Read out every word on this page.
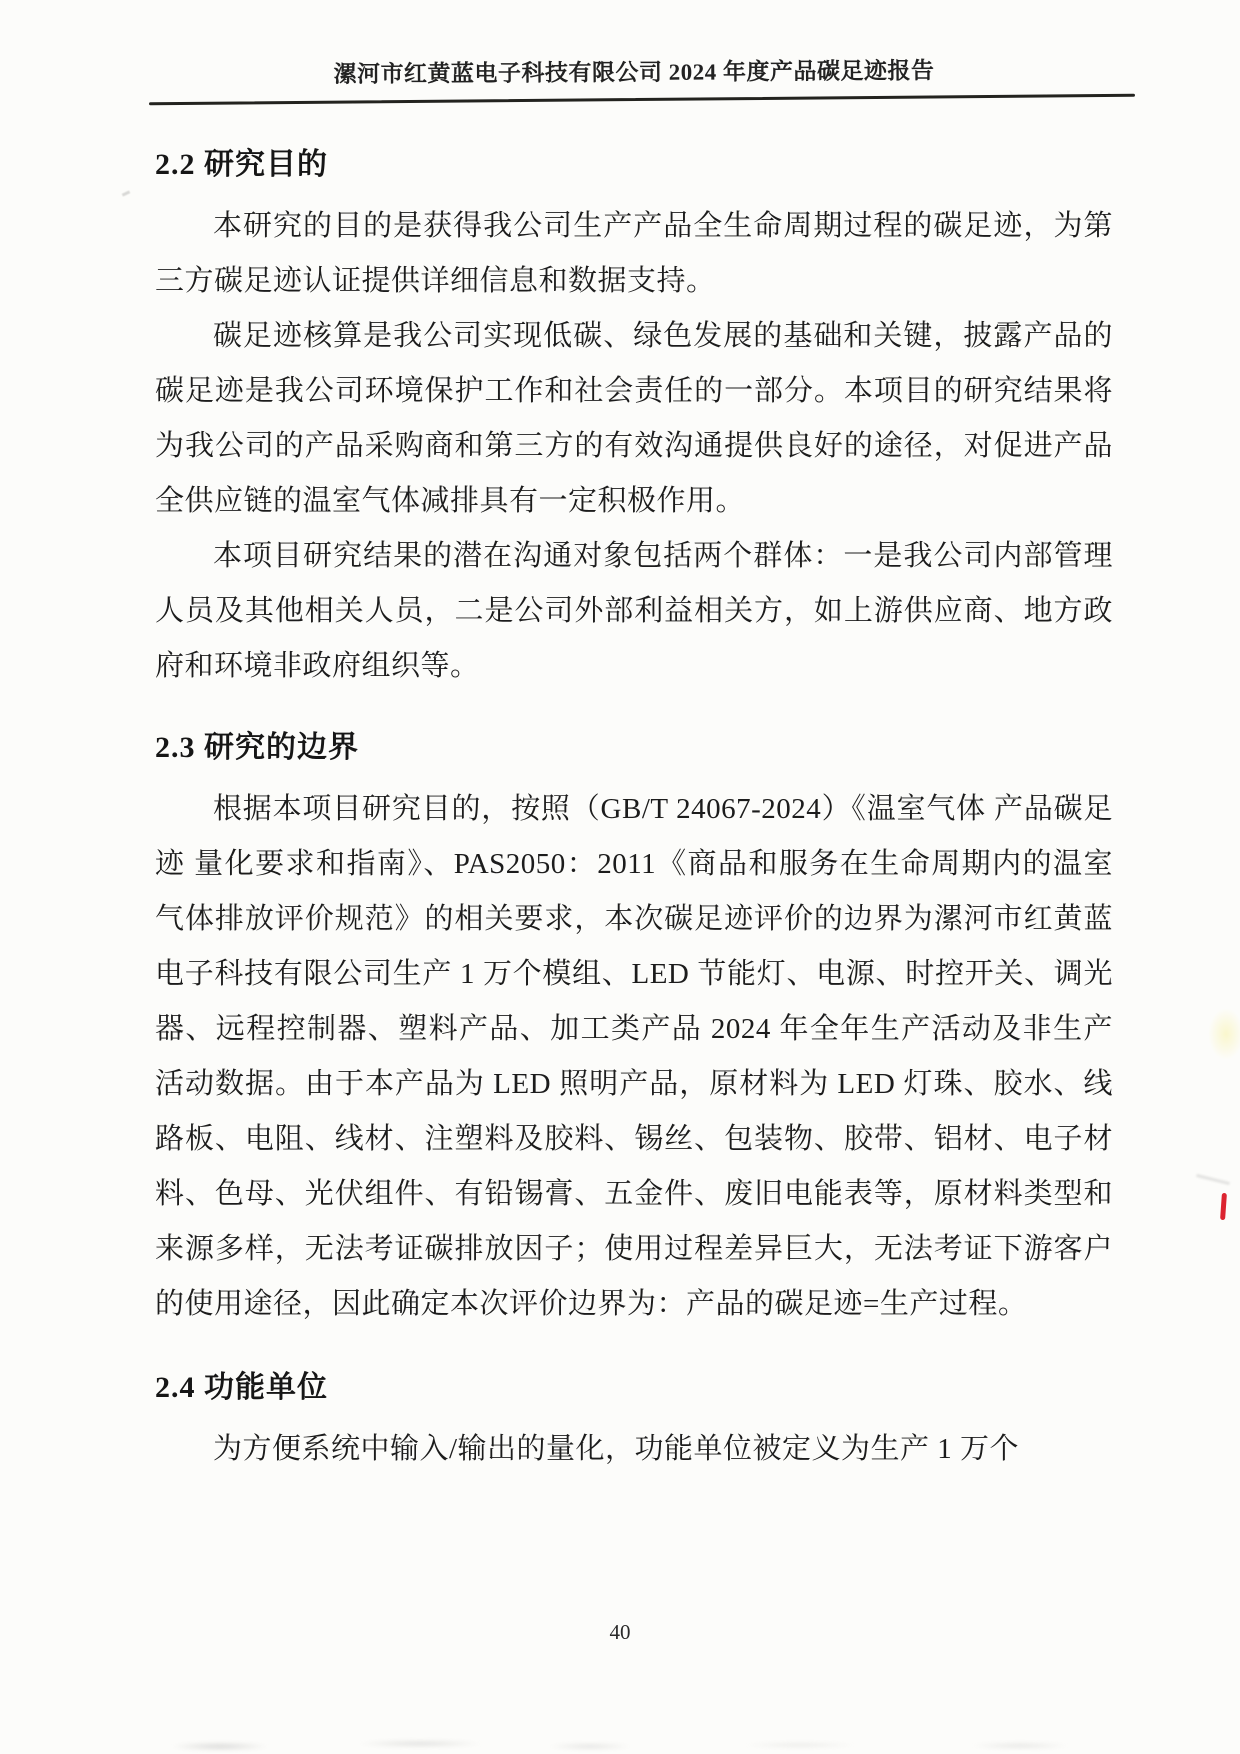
漯河市红黄蓝电子科技有限公司 2024 年度产品碳足迹报告
2.2 研究目的

本研究的目的是获得我公司生产产品全生命周期过程的碳足迹，为第三方碳足迹认证提供详细信息和数据支持。

碳足迹核算是我公司实现低碳、绿色发展的基础和关键，披露产品的碳足迹是我公司环境保护工作和社会责任的一部分。本项目的研究结果将为我公司的产品采购商和第三方的有效沟通提供良好的途径，对促进产品全供应链的温室气体减排具有一定积极作用。

本项目研究结果的潜在沟通对象包括两个群体：一是我公司内部管理人员及其他相关人员，二是公司外部利益相关方，如上游供应商、地方政府和环境非政府组织等。

2.3 研究的边界

根据本项目研究目的，按照（GB/T 24067-2024）《温室气体 产品碳足迹 量化要求和指南》、PAS2050：2011《商品和服务在生命周期内的温室气体排放评价规范》的相关要求，本次碳足迹评价的边界为漯河市红黄蓝电子科技有限公司生产 1 万个模组、LED 节能灯、电源、时控开关、调光器、远程控制器、塑料产品、加工类产品 2024 年全年生产活动及非生产活动数据。由于本产品为 LED 照明产品，原材料为 LED 灯珠、胶水、线路板、电阻、线材、注塑料及胶料、锡丝、包装物、胶带、铝材、电子材料、色母、光伏组件、有铅锡膏、五金件、废旧电能表等，原材料类型和来源多样，无法考证碳排放因子；使用过程差异巨大，无法考证下游客户的使用途径，因此确定本次评价边界为：产品的碳足迹=生产过程。

2.4 功能单位

为方便系统中输入/输出的量化，功能单位被定义为生产 1 万个

40
